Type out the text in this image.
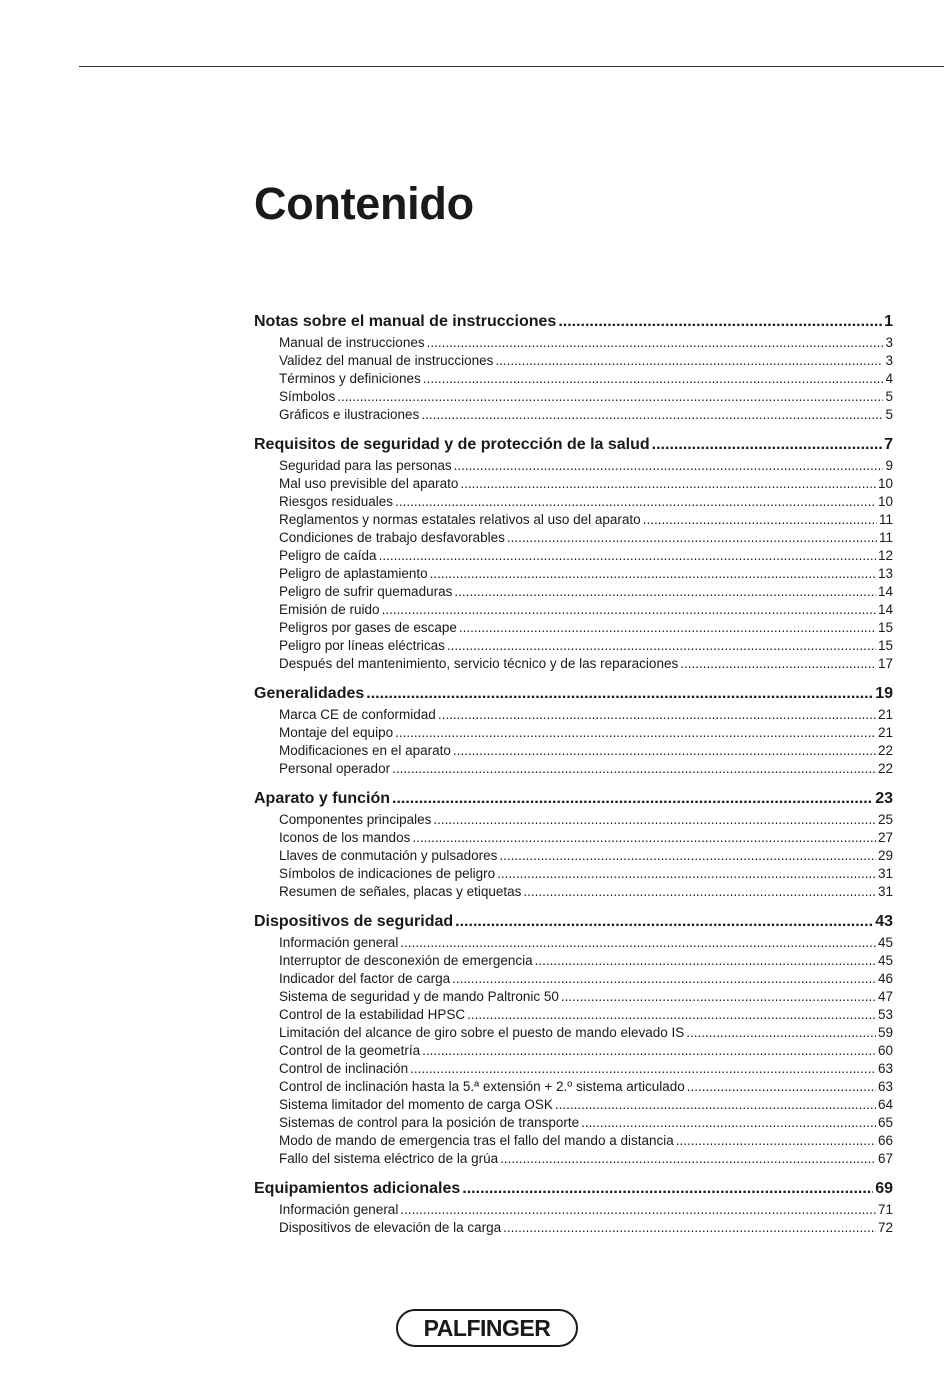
Contenido
Notas sobre el manual de instrucciones .....	1
Manual de instrucciones .....	3
Validez del manual de instrucciones .....	3
Términos y definiciones .....	4
Símbolos .....	5
Gráficos e ilustraciones .....	5
Requisitos de seguridad y de protección de la salud .....	7
Seguridad para las personas .....	9
Mal uso previsible del aparato .....	10
Riesgos residuales .....	10
Reglamentos y normas estatales relativos al uso del aparato .....	11
Condiciones de trabajo desfavorables .....	11
Peligro de caída .....	12
Peligro de aplastamiento .....	13
Peligro de sufrir quemaduras .....	14
Emisión de ruido .....	14
Peligros por gases de escape .....	15
Peligro por líneas eléctricas .....	15
Después del mantenimiento, servicio técnico y de las reparaciones .....	17
Generalidades .....	19
Marca CE de conformidad .....	21
Montaje del equipo .....	21
Modificaciones en el aparato .....	22
Personal operador .....	22
Aparato y función .....	23
Componentes principales .....	25
Iconos de los mandos .....	27
Llaves de conmutación y pulsadores .....	29
Símbolos de indicaciones de peligro .....	31
Resumen de señales, placas y etiquetas .....	31
Dispositivos de seguridad .....	43
Información general .....	45
Interruptor de desconexión de emergencia .....	45
Indicador del factor de carga .....	46
Sistema de seguridad y de mando Paltronic 50 .....	47
Control de la estabilidad HPSC .....	53
Limitación del alcance de giro sobre el puesto de mando elevado IS .....	59
Control de la geometría .....	60
Control de inclinación .....	63
Control de inclinación hasta la 5.ª extensión + 2.º sistema articulado .....	63
Sistema limitador del momento de carga OSK .....	64
Sistemas de control para la posición de transporte .....	65
Modo de mando de emergencia tras el fallo del mando a distancia .....	66
Fallo del sistema eléctrico de la grúa .....	67
Equipamientos adicionales .....	69
Información general .....	71
Dispositivos de elevación de la carga .....	72
PALFINGER
